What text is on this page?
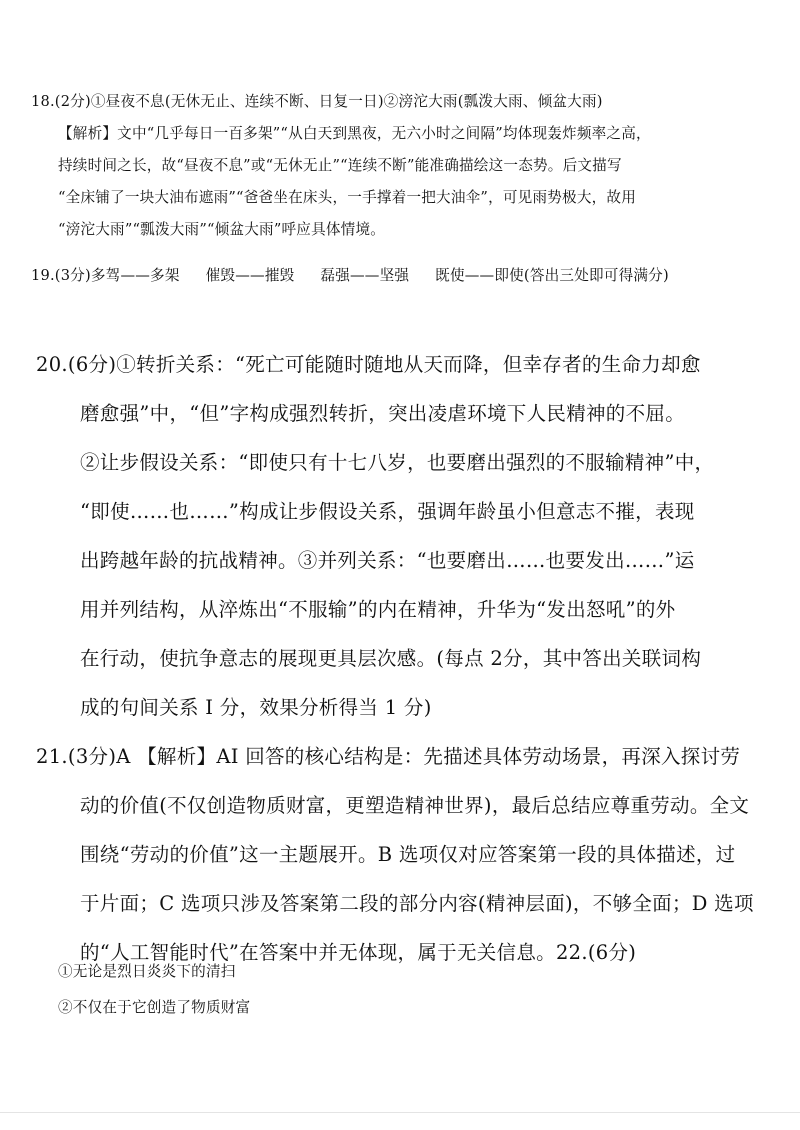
18.(2分)①昼夜不息(无休无止、连续不断、日复一日)②滂沱大雨(瓢泼大雨、倾盆大雨)
【解析】文中“几乎每日一百多架”“从白天到黑夜，无六小时之间隔”均体现轰炸频率之高，
持续时间之长，故“昼夜不息”或“无休无止”“连续不断”能准确描绘这一态势。后文描写
“全床铺了一块大油布遮雨”“爸爸坐在床头，一手撑着一把大油伞”，可见雨势极大，故用
“滂沱大雨”“瓢泼大雨”“倾盆大雨”呼应具体情境。
19.(3分)多驾——多架 催毁——摧毁 磊强——坚强 既使——即使(答出三处即可得满分)
20.(6分)①转折关系：“死亡可能随时随地从天而降，但幸存者的生命力却愈
磨愈强”中，“但”字构成强烈转折，突出凌虐环境下人民精神的不屈。
②让步假设关系：“即使只有十七八岁，也要磨出强烈的不服输精神”中，
“即使……也……”构成让步假设关系，强调年龄虽小但意志不摧，表现
出跨越年龄的抗战精神。③并列关系：“也要磨出……也要发出……”运
用并列结构，从淬炼出“不服输”的内在精神，升华为“发出怒吼”的外
在行动，使抗争意志的展现更具层次感。(每点 2分，其中答出关联词构
成的句间关系 I 分，效果分析得当 1 分)
21.(3分)A 【解析】AI 回答的核心结构是：先描述具体劳动场景，再深入探讨劳
动的价值(不仅创造物质财富，更塑造精神世界)，最后总结应尊重劳动。全文
围绕“劳动的价值”这一主题展开。B 选项仅对应答案第一段的具体描述，过
于片面；C 选项只涉及答案第二段的部分内容(精神层面)，不够全面；D 选项
的“人工智能时代”在答案中并无体现，属于无关信息。22.(6分)
①无论是烈日炎炎下的清扫
②不仅在于它创造了物质财富
